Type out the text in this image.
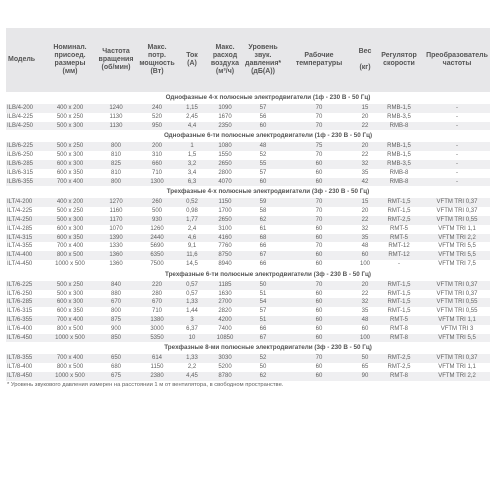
Модель	Номинал.
присоед.
размеры
(мм)	Частота
вращения
(об/мин)	Макс.
потр.
мощность
(Вт)	Ток
(А)	Макс.
расход
воздуха
(м³/ч)	Уровень
звук.
давления*
(дБ(А))	Рабочие
температуры	Вес

(кг)	Регулятор
скорости	Преобразователь
частоты

Однофазные 4-х полюсные электродвигатели (1ф - 230 В - 50 Гц)										
ILB/4-200	400 x 200	1240	240	1,15	1090	57	70	15	RMB-1,5	-
ILB/4-225	500 x 250	1130	520	2,45	1670	56	70	20	RMB-3,5	-
ILB/4-250	500 x 300	1130	950	4,4	2350	60	70	22	RMB-8	-
Однофазные 6-ти полюсные электродвигатели (1ф - 230 В - 50 Гц)										
ILB/6-225	500 x 250	800	200	1	1080	48	75	20	RMB-1,5	-
ILB/6-250	500 x 300	810	310	1,5	1550	52	70	22	RMB-1,5	-
ILB/6-285	600 x 300	825	660	3,2	2650	55	60	32	RMB-3,5	-
ILB/6-315	600 x 350	810	710	3,4	2800	57	60	35	RMB-8	-
ILB/6-355	700 x 400	800	1300	6,3	4070	60	60	42	RMB-8	-
Трехфазные 4-х полюсные электродвигатели (3ф - 230 В - 50 Гц)										
ILT/4-200	400 x 200	1270	260	0,52	1150	59	70	15	RMT-1,5	VFTM TRI 0,37
ILT/4-225	500 x 250	1160	500	0,98	1700	58	70	20	RMT-1,5	VFTM TRI 0,37
ILT/4-250	500 x 300	1170	930	1,77	2650	62	70	22	RMT-2,5	VFTM TRI 0,55
ILT/4-285	600 x 300	1070	1260	2,4	3100	61	60	32	RMT-5	VFTM TRI 1,1
ILT/4-315	600 x 350	1390	2440	4,6	4160	68	60	35	RMT-5	VFTM TRI 2,2
ILT/4-355	700 x 400	1330	5690	9,1	7760	66	70	48	RMT-12	VFTM TRI 5,5
ILT/4-400	800 x 500	1360	6350	11,6	8750	67	60	60	RMT-12	VFTM TRI 5,5
ILT/4-450	1000 x 500	1360	7500	14,5	8940	66	60	100	-	VFTM TRI 7,5
Трехфазные 6-ти полюсные электродвигатели (3ф - 230 В - 50 Гц)										
ILT/6-225	500 x 250	840	220	0,57	1185	50	70	20	RMT-1,5	VFTM TRI 0,37
ILT/6-250	500 x 300	880	280	0,57	1630	51	60	22	RMT-1,5	VFTM TRI 0,37
ILT/6-285	600 x 300	670	670	1,33	2700	54	60	32	RMT-1,5	VFTM TRI 0,55
ILT/6-315	600 x 350	800	710	1,44	2820	57	60	35	RMT-1,5	VFTM TRI 0,55
ILT/6-355	700 x 400	875	1380	3	4200	51	60	48	RMT-5	VFTM TRI 1,1
ILT/6-400	800 x 500	900	3000	6,37	7400	66	60	60	RMT-8	VFTM TRI 3
ILT/6-450	1000 x 500	850	5350	10	10850	67	60	100	RMT-8	VFTM TRI 5,5
Трехфазные 8-ми полюсные электродвигатели (3ф - 230 В - 50 Гц)										
ILT/8-355	700 x 400	650	614	1,33	3030	52	70	50	RMT-2,5	VFTM TRI 0,37
ILT/8-400	800 x 500	680	1150	2,2	5200	50	60	65	RMT-2,5	VFTM TRI 1,1
ILT/8-450	1000 x 500	675	2380	4,45	8780	62	60	90	RMT-8	VFTM TRI 2,2
* Уровень звукового давления измерен на расстоянии 1 м от вентилятора, в свободном пространстве.
